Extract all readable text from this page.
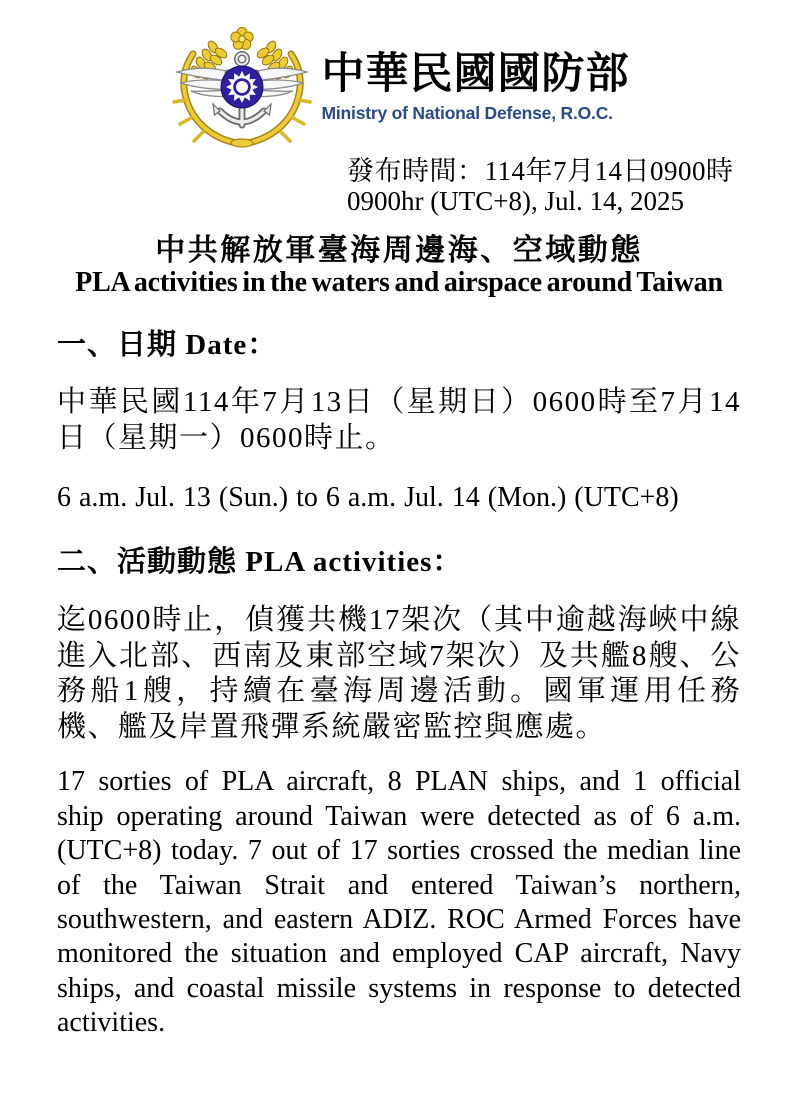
中華民國國防部
Ministry of National Defense, R.O.C.
發布時間：114年7月14日0900時
0900hr (UTC+8), Jul. 14, 2025
中共解放軍臺海周邊海、空域動態
PLA activities in the waters and airspace around Taiwan
一、日期 Date：

中華民國114年7月13日（星期日）0600時至7月14日（星期一）0600時止。

6 a.m. Jul. 13 (Sun.) to 6 a.m. Jul. 14 (Mon.) (UTC+8)

二、活動動態 PLA activities：

迄0600時止，偵獲共機17架次（其中逾越海峽中線進入北部、西南及東部空域7架次）及共艦8艘、公務船1艘，持續在臺海周邊活動。國軍運用任務機、艦及岸置飛彈系統嚴密監控與應處。

17 sorties of PLA aircraft, 8 PLAN ships, and 1 official ship operating around Taiwan were detected as of 6 a.m. (UTC+8) today. 7 out of 17 sorties crossed the median line of the Taiwan Strait and entered Taiwan’s northern, southwestern, and eastern ADIZ. ROC Armed Forces have monitored the situation and employed CAP aircraft, Navy ships, and coastal missile systems in response to detected activities.
